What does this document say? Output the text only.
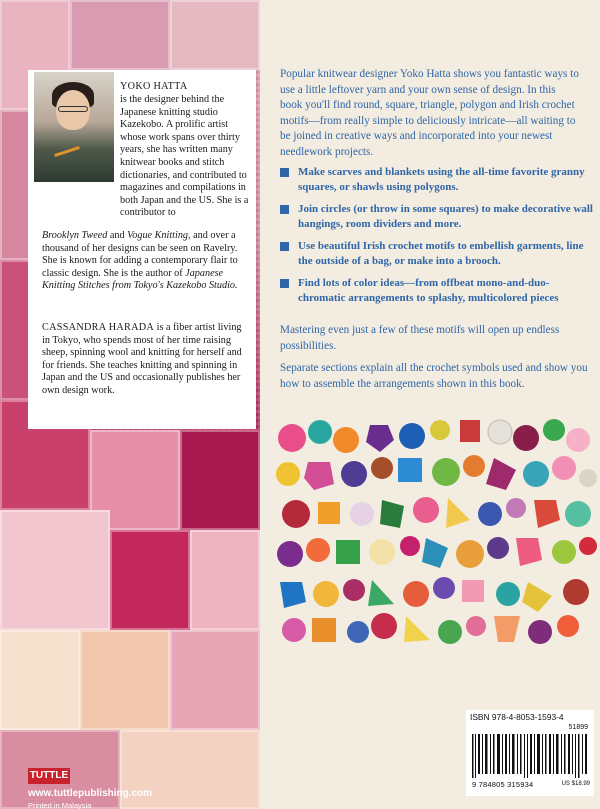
YOKO HATTA
is the designer behind the Japanese knitting studio Kazekobo. A prolific artist whose work spans over thirty years, she has written many knitwear books and stitch dictionaries, and contributed to magazines and compilations in both Japan and the US. She is a contributor to
Brooklyn Tweed and Vogue Knitting, and over a thousand of her designs can be seen on Ravelry. She is known for adding a contemporary flair to classic design. She is the author of Japanese Knitting Stitches from Tokyo's Kazekobo Studio.
CASSANDRA HARADA is a fiber artist living in Tokyo, who spends most of her time raising sheep, spinning wool and knitting for herself and for friends. She teaches knitting and spinning in Japan and the US and occasionally publishes her own design work.
TUTTLE
www.tuttlepublishing.com
Printed in Malaysia

Popular knitwear designer Yoko Hatta shows you fantastic ways to use a little leftover yarn and your own sense of design. In this book you'll find round, square, triangle, polygon and Irish crochet motifs—from really simple to deliciously intricate—all waiting to be joined in creative ways and incorporated into your newest needlework projects.

Make scarves and blankets using the all-time favorite granny squares, or shawls using polygons.
Join circles (or throw in some squares) to make decorative wall hangings, room dividers and more.
Use beautiful Irish crochet motifs to embellish garments, line the outside of a bag, or make into a brooch.
Find lots of color ideas—from offbeat mono-and-duo-chromatic arrangements to splashy, multicolored pieces

Mastering even just a few of these motifs will open up endless possibilities.

Separate sections explain all the crochet symbols used and show you how to assemble the arrangements shown in this book.

ISBN 978-4-8053-1593-4
51899
9 784805 315934	US $18.99
